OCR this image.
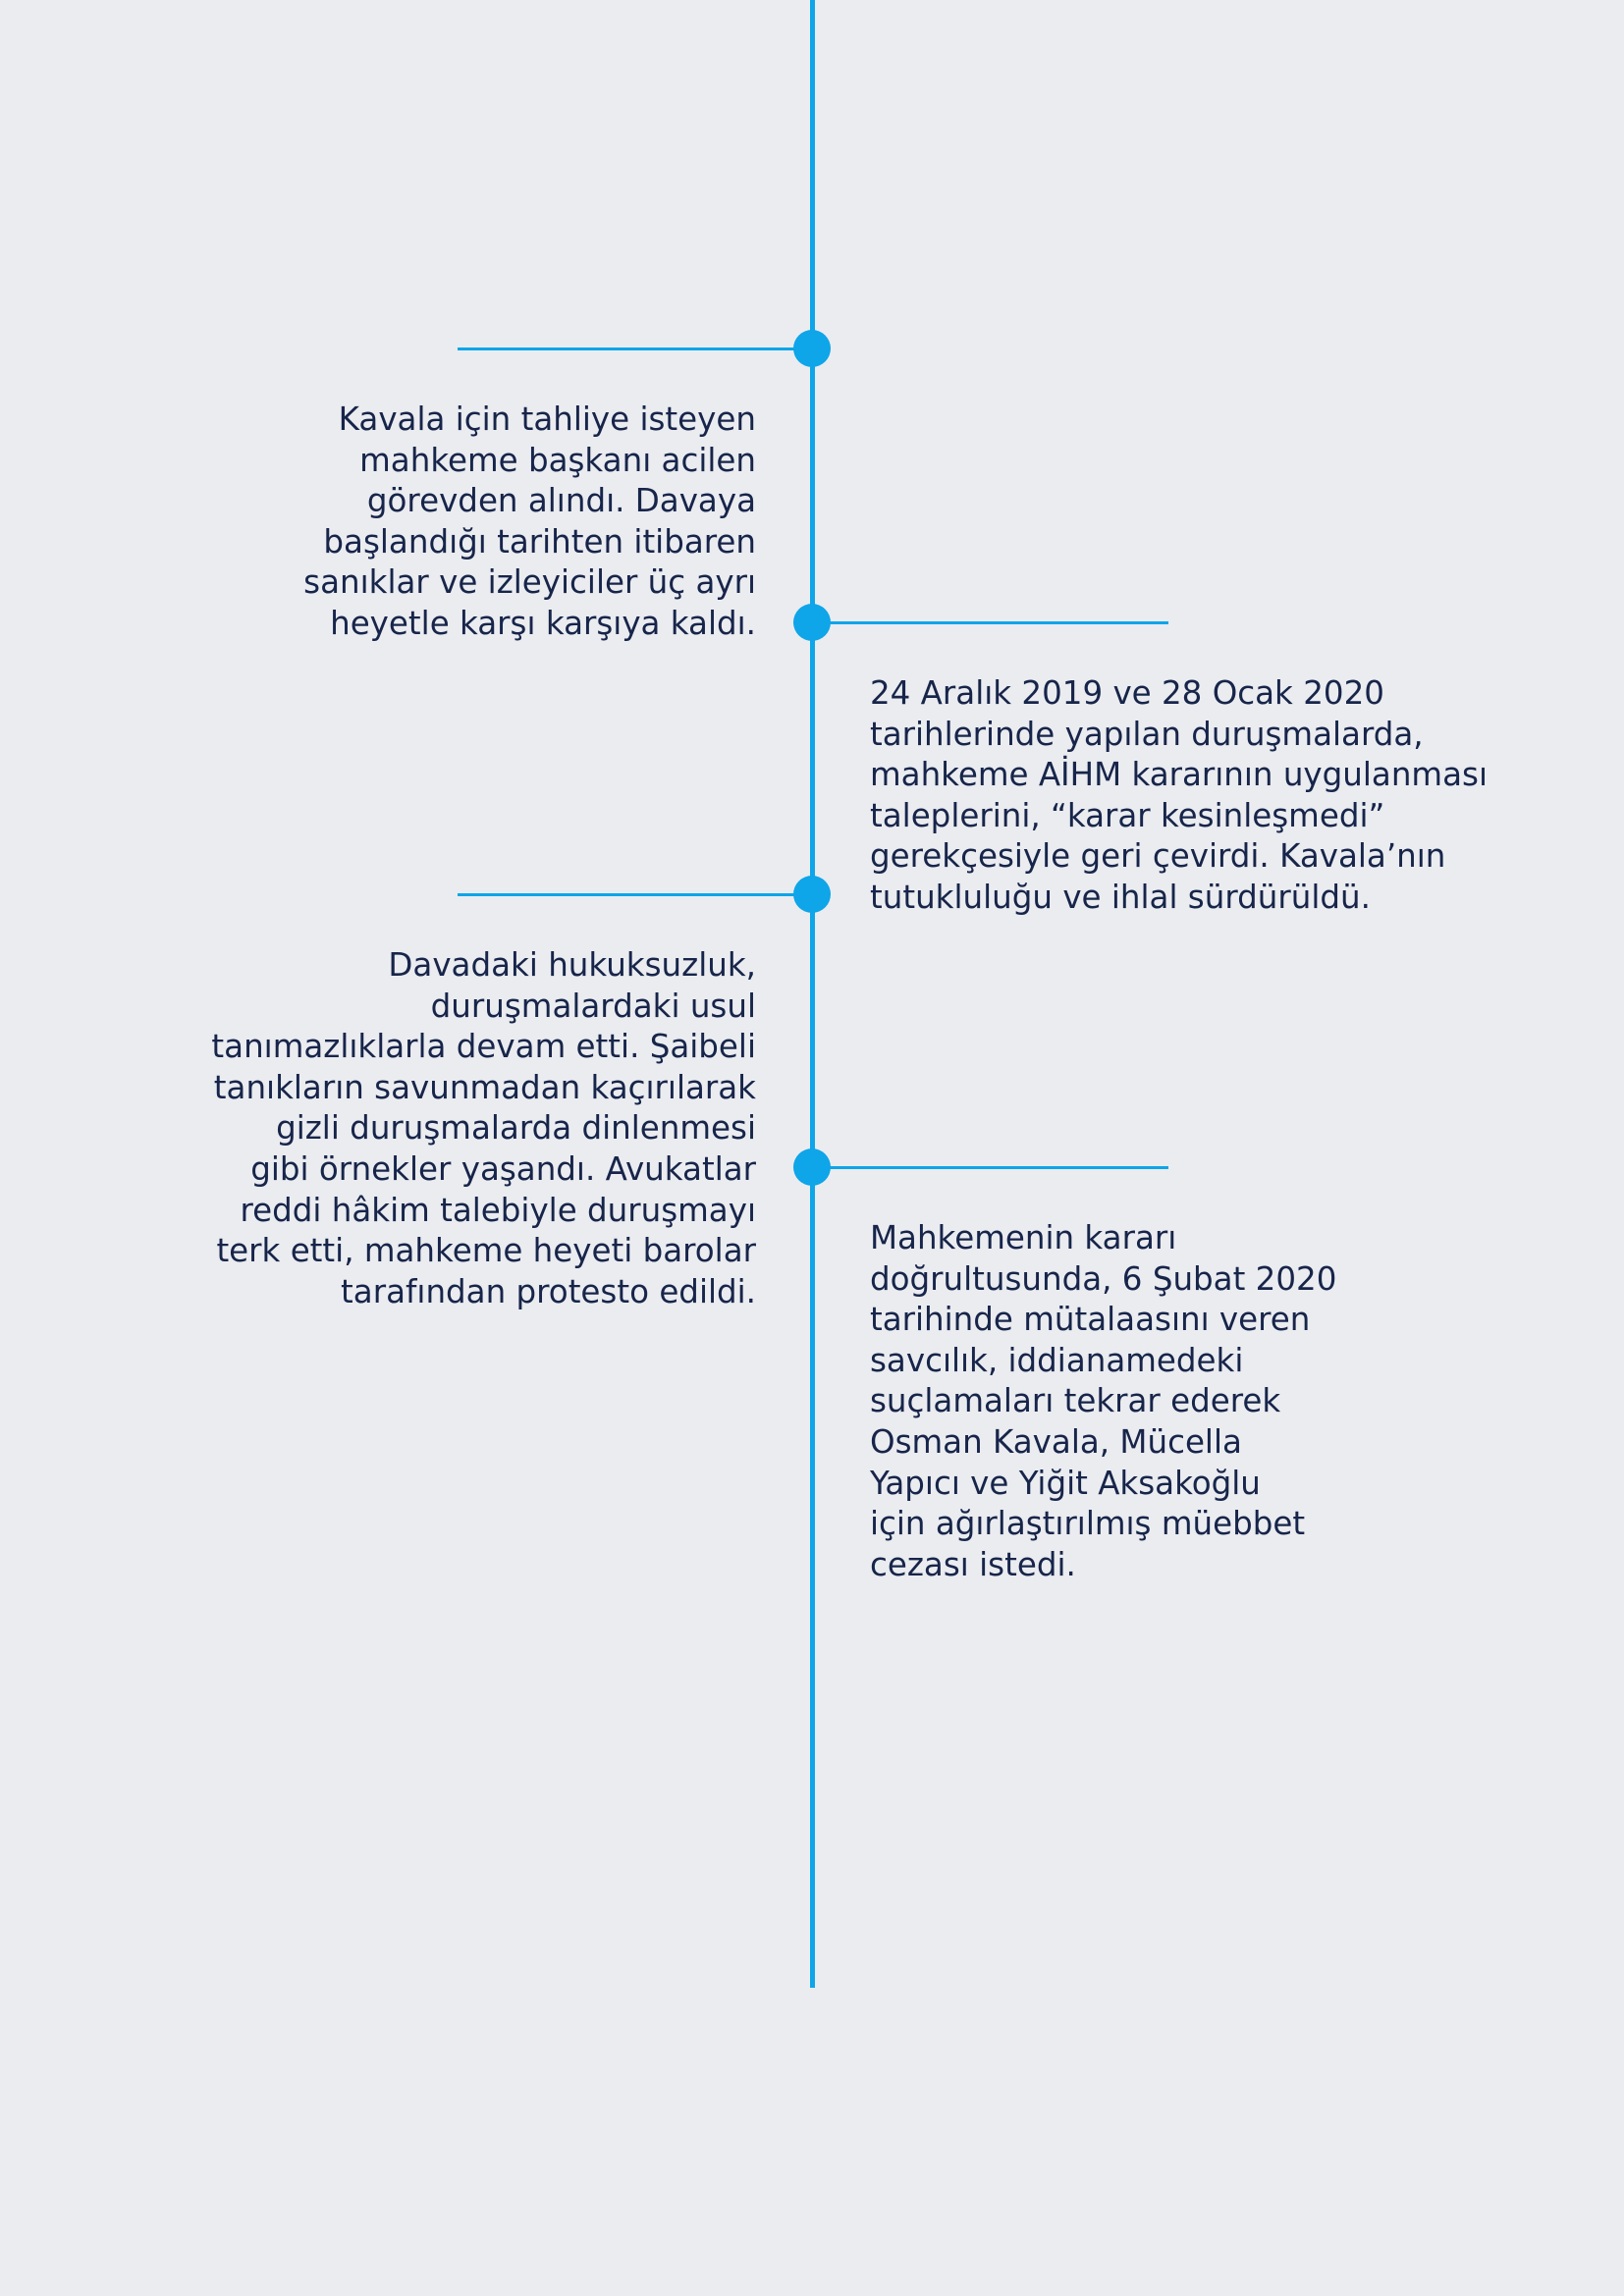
Kavala için tahliye isteyen
mahkeme başkanı acilen
görevden alındı. Davaya
başlandığı tarihten itibaren
sanıklar ve izleyiciler üç ayrı
heyetle karşı karşıya kaldı.

24 Aralık 2019 ve 28 Ocak 2020
tarihlerinde yapılan duruşmalarda,
mahkeme AİHM kararının uygulanması
taleplerini, “karar kesinleşmedi”
gerekçesiyle geri çevirdi. Kavala’nın
tutukluluğu ve ihlal sürdürüldü.

Davadaki hukuksuzluk,
duruşmalardaki usul
tanımazlıklarla devam etti. Şaibeli
tanıkların savunmadan kaçırılarak
gizli duruşmalarda dinlenmesi
gibi örnekler yaşandı. Avukatlar
reddi hâkim talebiyle duruşmayı
terk etti, mahkeme heyeti barolar
tarafından protesto edildi.

Mahkemenin kararı
doğrultusunda, 6 Şubat 2020
tarihinde mütalaasını veren
savcılık, iddianamedeki
suçlamaları tekrar ederek
Osman Kavala, Mücella
Yapıcı ve Yiğit Aksakoğlu
için ağırlaştırılmış müebbet
cezası istedi.
